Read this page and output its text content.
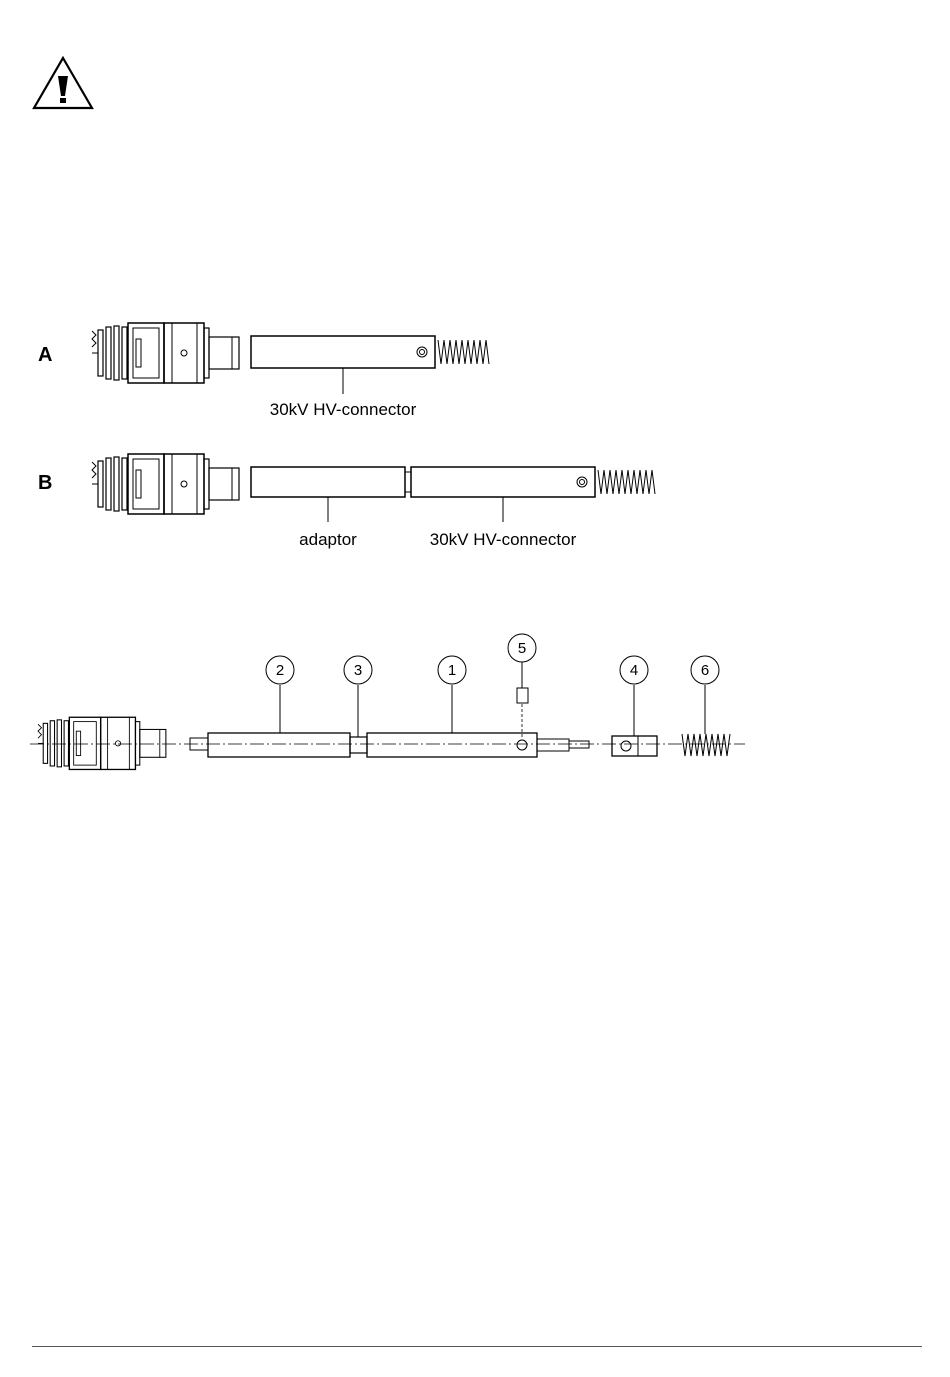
A
30kV HV-connector
B
adaptor	30kV HV-connector
1
2	3	4
5
6
